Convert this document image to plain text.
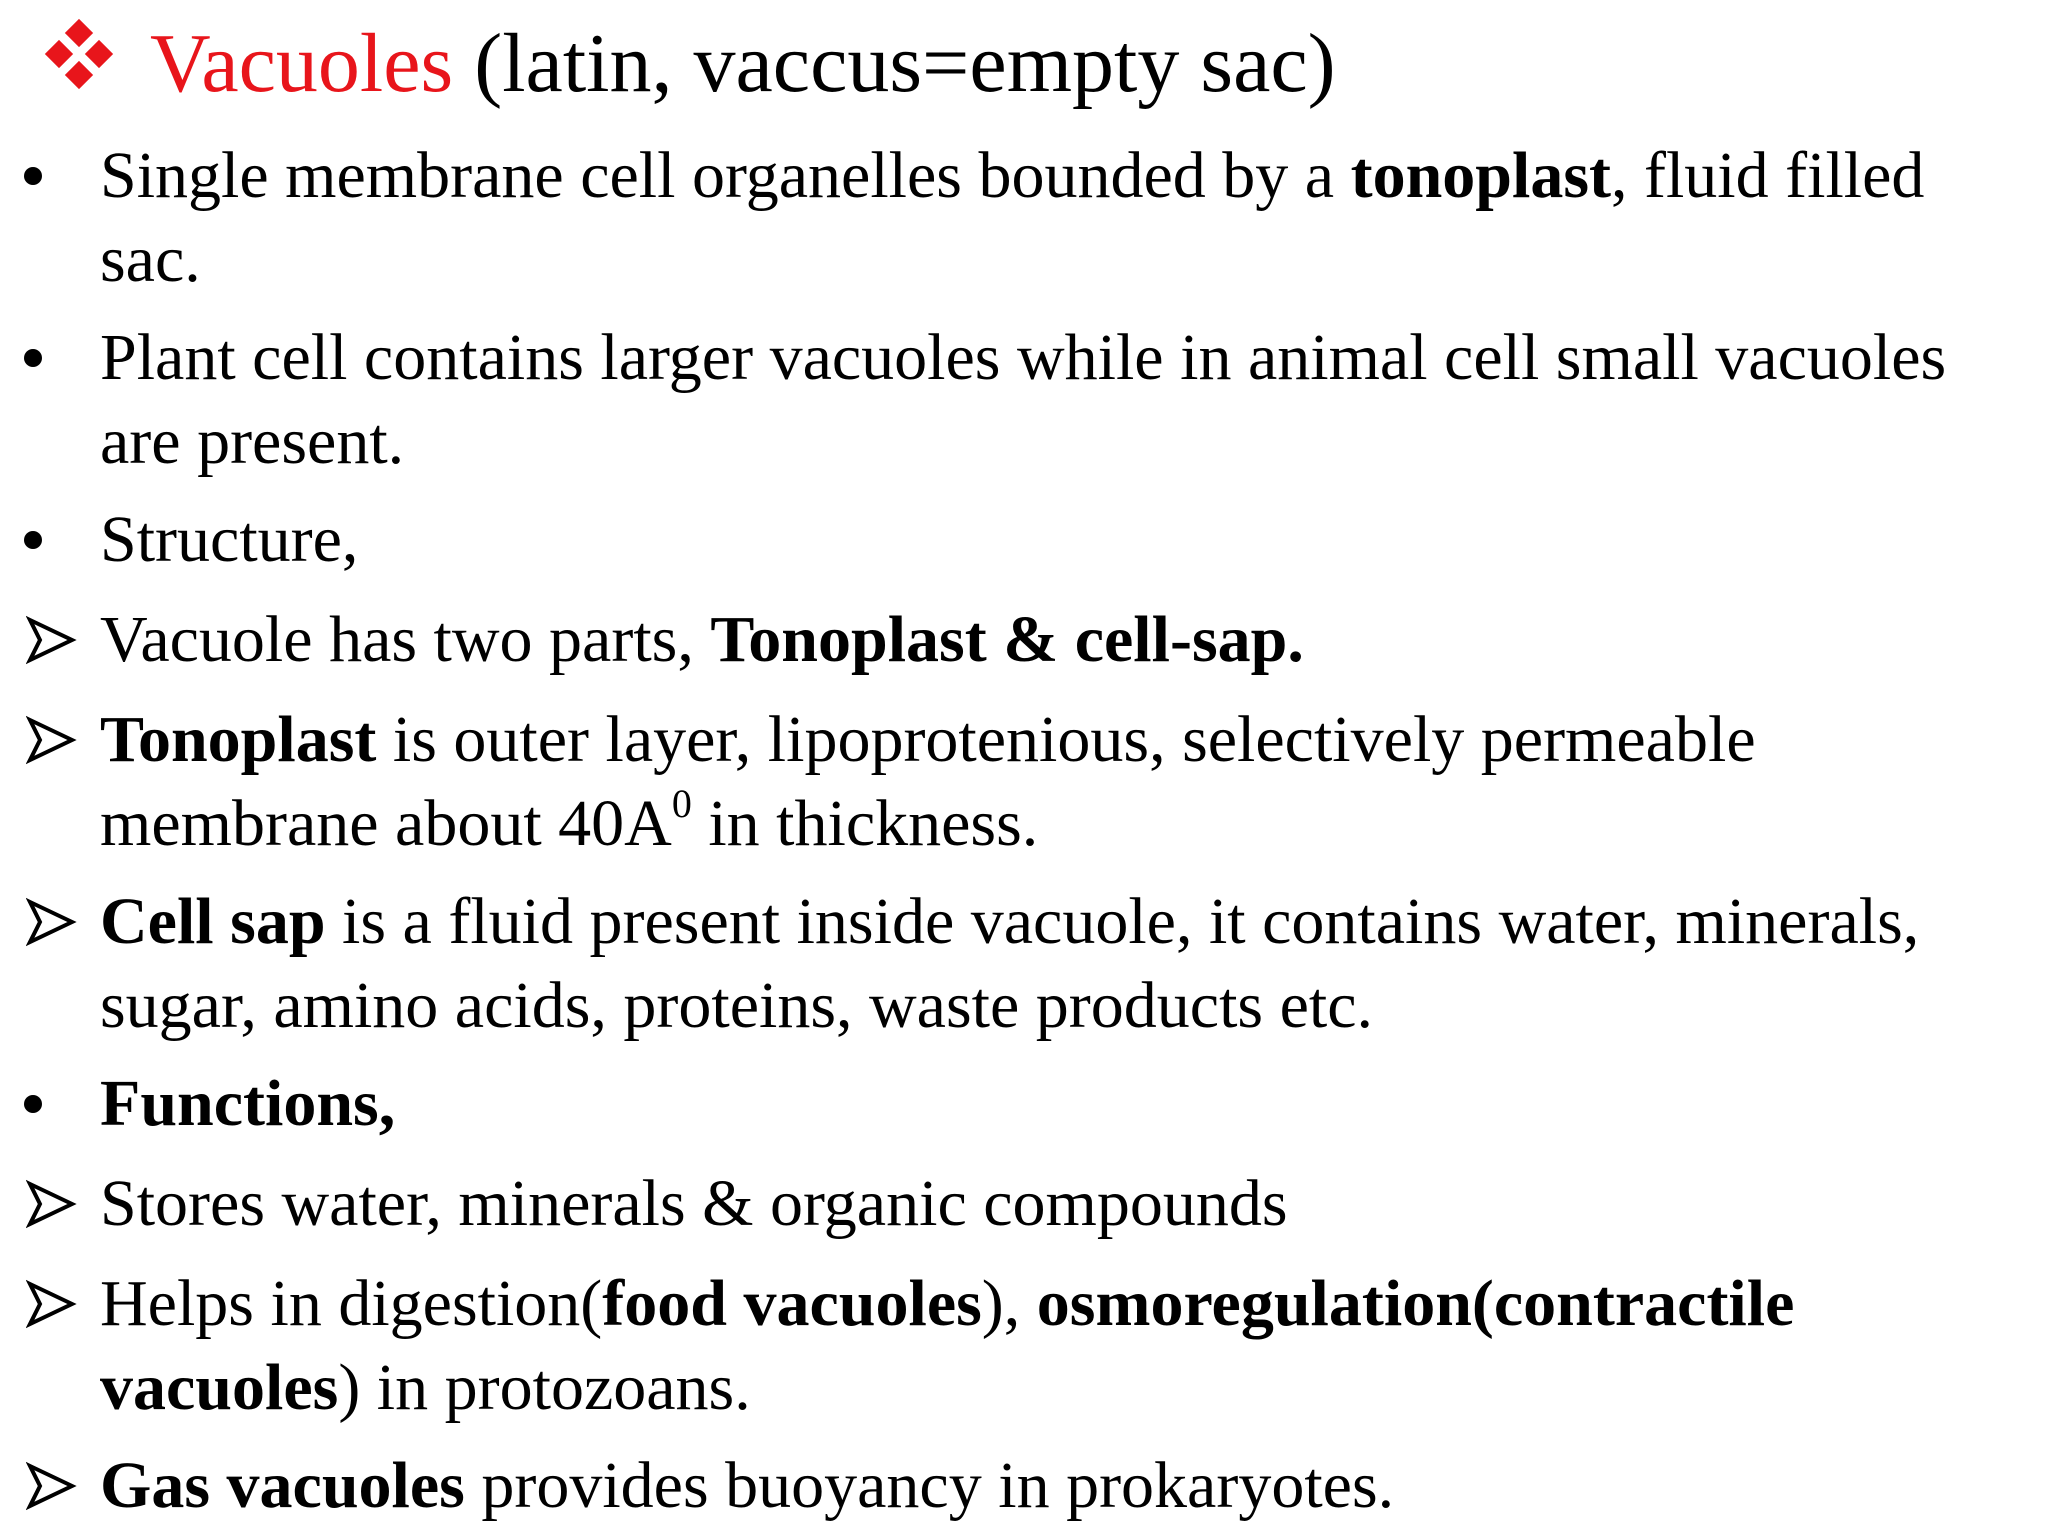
Vacuoles (latin, vaccus=empty sac)
Single membrane cell organelles bounded by a tonoplast, fluid filled
sac.
Plant cell contains larger vacuoles while in animal cell small vacuoles
are present.
Structure,
Vacuole has two parts, Tonoplast & cell-sap.
Tonoplast is outer layer, lipoprotenious, selectively permeable
membrane about $40A^0$ in thickness.
Cell sap is a fluid present inside vacuole, it contains water, minerals,
sugar, amino acids, proteins, waste products etc.
Functions,
Stores water, minerals & organic compounds
Helps in digestion(food vacuoles), osmoregulation(contractile
vacuoles) in protozoans.
Gas vacuoles provides buoyancy in prokaryotes.
